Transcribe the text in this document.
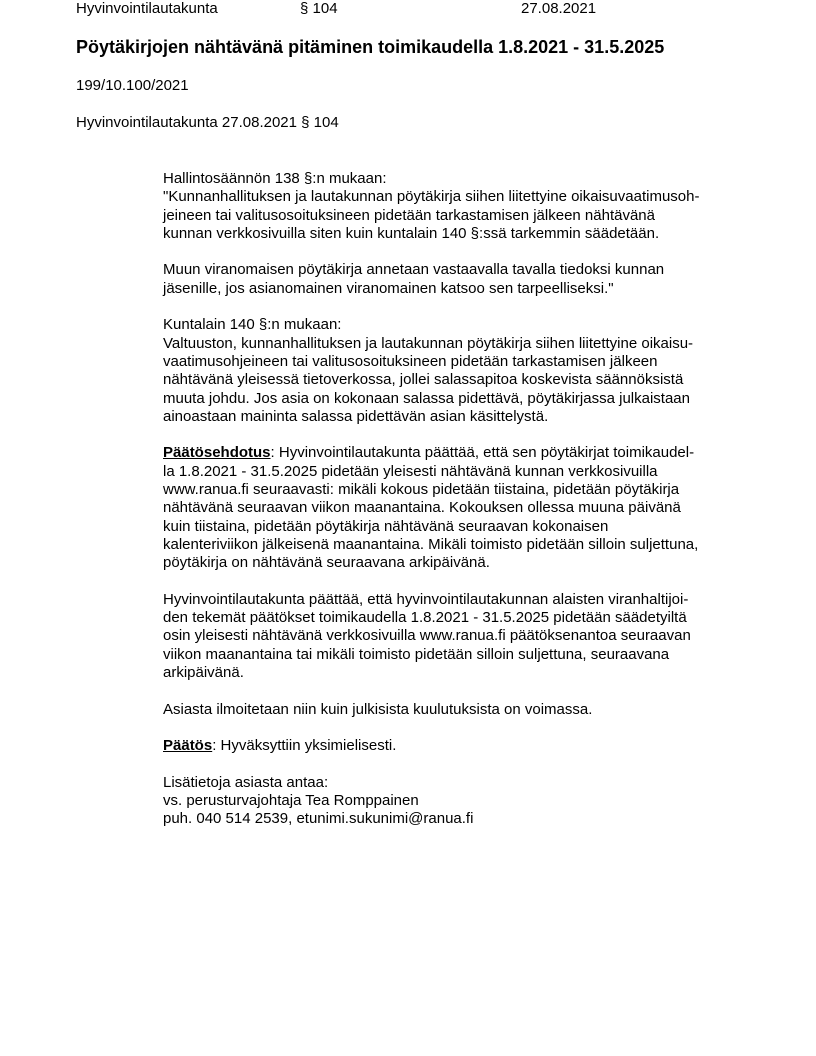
Hyvinvointilautakunta	§ 104	27.08.2021
Pöytäkirjojen nähtävänä pitäminen toimikaudella 1.8.2021 - 31.5.2025
199/10.100/2021
Hyvinvointilautakunta 27.08.2021 § 104
Hallintosäännön 138 §:n mukaan:
"Kunnanhallituksen ja lautakunnan pöytäkirja siihen liitettyine oikaisuvaatimusoh-
jeineen tai valitusosoituksineen pidetään tarkastamisen jälkeen nähtävänä
kunnan verkkosivuilla siten kuin kuntalain 140 §:ssä tarkemmin säädetään.
Muun viranomaisen pöytäkirja annetaan vastaavalla tavalla tiedoksi kunnan
jäsenille, jos asianomainen viranomainen katsoo sen tarpeelliseksi."
Kuntalain 140 §:n mukaan:
Valtuuston, kunnanhallituksen ja lautakunnan pöytäkirja siihen liitettyine oikaisu-
vaatimusohjeineen tai valitusosoituksineen pidetään tarkastamisen jälkeen
nähtävänä yleisessä tietoverkossa, jollei salassapitoa koskevista säännöksistä
muuta johdu. Jos asia on kokonaan salassa pidettävä, pöytäkirjassa julkaistaan
ainoastaan maininta salassa pidettävän asian käsittelystä.
Päätösehdotus: Hyvinvointilautakunta päättää, että sen pöytäkirjat toimikaudel-
la 1.8.2021 - 31.5.2025 pidetään yleisesti nähtävänä kunnan verkkosivuilla
www.ranua.fi seuraavasti: mikäli kokous pidetään tiistaina, pidetään pöytäkirja
nähtävänä seuraavan viikon maanantaina. Kokouksen ollessa muuna päivänä
kuin tiistaina, pidetään pöytäkirja nähtävänä seuraavan kokonaisen
kalenteriviikon jälkeisenä maanantaina. Mikäli toimisto pidetään silloin suljettuna,
pöytäkirja on nähtävänä seuraavana arkipäivänä.
Hyvinvointilautakunta päättää, että hyvinvointilautakunnan alaisten viranhaltijoi-
den tekemät päätökset toimikaudella 1.8.2021 - 31.5.2025 pidetään säädetyiltä
osin yleisesti nähtävänä verkkosivuilla www.ranua.fi päätöksenantoa seuraavan
viikon maanantaina tai mikäli toimisto pidetään silloin suljettuna, seuraavana
arkipäivänä.
Asiasta ilmoitetaan niin kuin julkisista kuulutuksista on voimassa.
Päätös: Hyväksyttiin yksimielisesti.
Lisätietoja asiasta antaa:
vs. perusturvajohtaja Tea Romppainen
puh. 040 514 2539, etunimi.sukunimi@ranua.fi
